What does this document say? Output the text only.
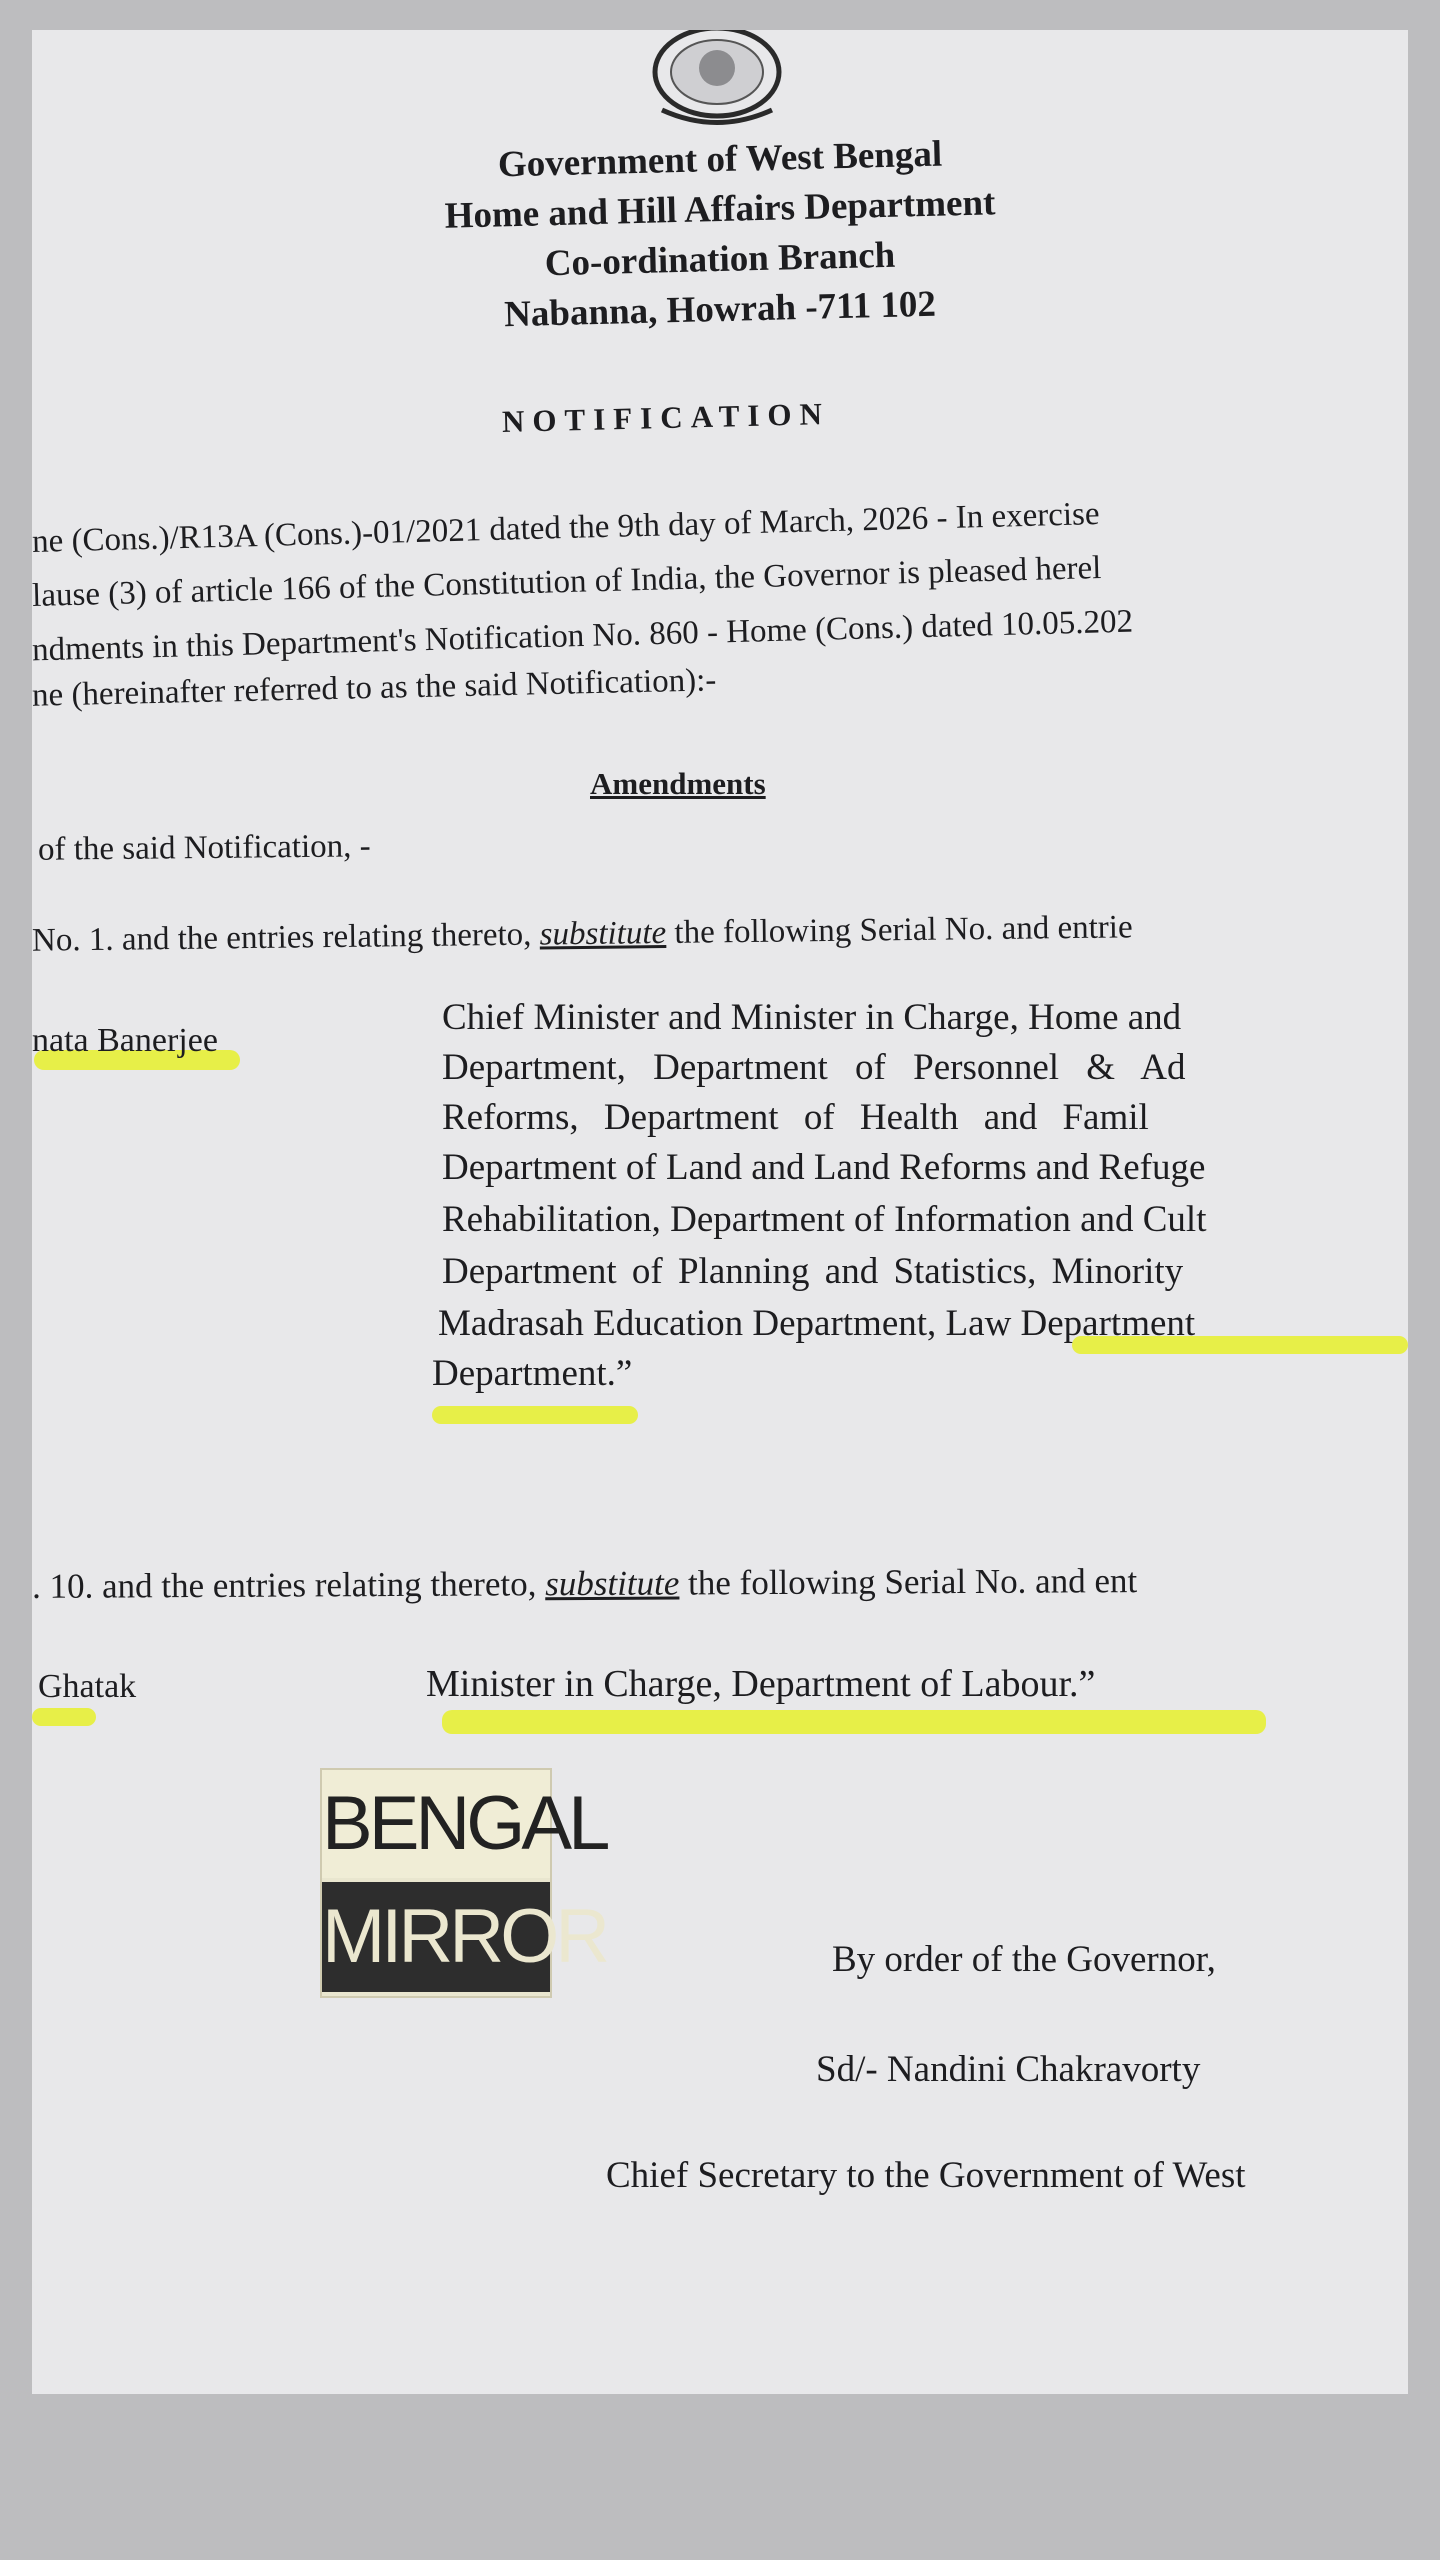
Government of West Bengal
Home and Hill Affairs Department
Co-ordination Branch
Nabanna, Howrah -711 102
NOTIFICATION
ne (Cons.)/R13A (Cons.)-01/2021 dated the 9th day of March, 2026 - In exercise
lause (3) of article 166 of the Constitution of India, the Governor is pleased herel
ndments in this Department's Notification No. 860 - Home (Cons.) dated 10.05.202
ne (hereinafter referred to as the said Notification):-
Amendments
of the said Notification, -
No. 1. and the entries relating thereto, substitute the following Serial No. and entrie
nata Banerjee
Chief Minister and Minister in Charge, Home and
Department, Department of Personnel & Ad
Reforms, Department of Health and Famil
Department of Land and Land Reforms and Refuge
Rehabilitation, Department of Information and Cult
Department of Planning and Statistics, Minority
Madrasah Education Department, Law Department
Department.”
. 10. and the entries relating thereto, substitute the following Serial No. and ent
Ghatak	Minister in Charge, Department of Labour.”
By order of the Governor,
Sd/- Nandini Chakravorty
Chief Secretary to the Government of West
BENGAL
MIRROR
